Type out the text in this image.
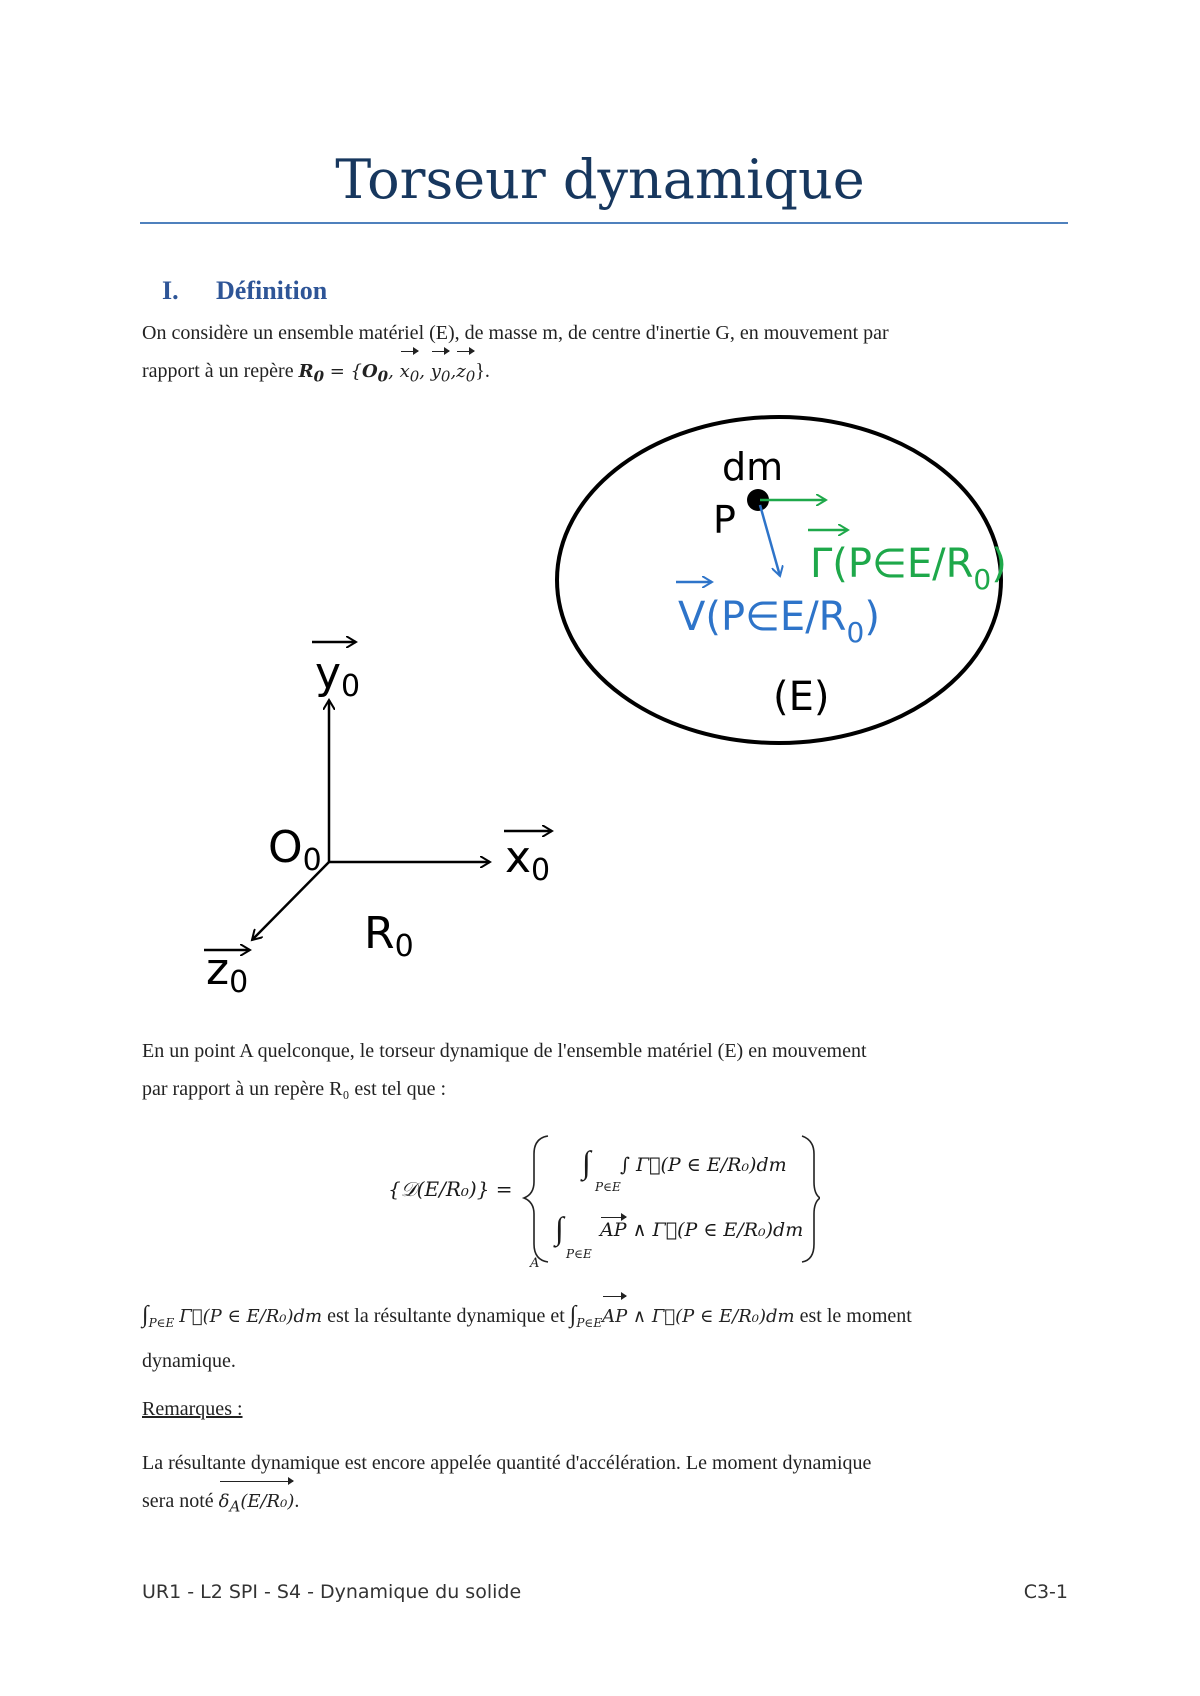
Torseur dynamique
I. Définition
On considère un ensemble matériel (E), de masse m, de centre d'inertie G, en mouvement par
rapport à un repère $R_0 = \{O_0$, $x_0$, $y_0,z_0$}.
dm
P
$\Gamma(P\in E/R_0)$
$V(P\in E/R_0)$
(E)
y0
x0
z0
O0
R0
En un point A quelconque, le torseur dynamique de l'ensemble matériel (E) en mouvement
par rapport à un repère R₀ est tel que :
{𝒟(E/R₀)} =
∫
P∈E
∫ Γ⃗(P ∈ E/R₀)dm
∫
P∈E
AP ∧ Γ⃗(P ∈ E/R₀)dm
A
$\int_{P\in E}$ Γ⃗(P ∈ E/R₀)dm est la résultante dynamique et $\int_{P\in E}AP$ ∧ Γ⃗(P ∈ E/R₀)dm est le moment
dynamique.
Remarques :
La résultante dynamique est encore appelée quantité d'accélération. Le moment dynamique
sera noté $\delta_A(E/R_0)$.
UR1 - L2 SPI - S4 - Dynamique du solide	C3-1
